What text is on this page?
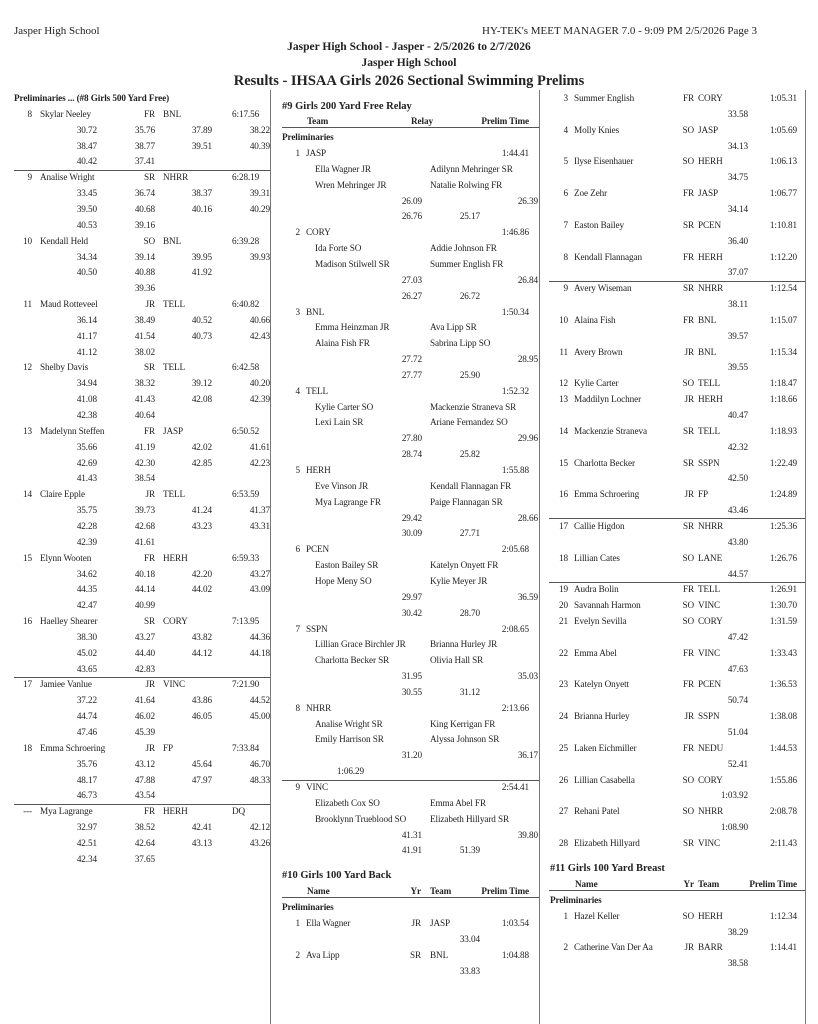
Jasper High School	HY-TEK's MEET MANAGER 7.0 - 9:09 PM 2/5/2026 Page 3
Jasper High School - Jasper - 2/5/2026 to 2/7/2026
Jasper High School
Results - IHSAA Girls 2026 Sectional Swimming Prelims
Preliminaries ... (#8 Girls 500 Yard Free)
8 Skylar Neeley	FR BNL	6:17.56
30.72	35.76	37.89	38.22
38.47	38.77	39.51	40.39
40.42	37.41
9 Analise Wright	SR NHRR	6:28.19
33.45	36.74	38.37	39.31
39.50	40.68	40.16	40.29
40.53	39.16
10 Kendall Held	SO BNL	6:39.28
34.34	39.14	39.95	39.93
40.50	40.88	41.92
39.36
11 Maud Rotteveel	JR TELL	6:40.82
36.14	38.49	40.52	40.66
41.17	41.54	40.73	42.43
41.12	38.02
12 Shelby Davis	SR TELL	6:42.58
34.94	38.32	39.12	40.20
41.08	41.43	42.08	42.39
42.38	40.64
13 Madelynn Steffen	FR JASP	6:50.52
35.66	41.19	42.02	41.61
42.69	42.30	42.85	42.23
41.43	38.54
14 Claire Epple	JR TELL	6:53.59
35.75	39.73	41.24	41.37
42.28	42.68	43.23	43.31
42.39	41.61
15 Elynn Wooten	FR HERH	6:59.33
34.62	40.18	42.20	43.27
44.35	44.14	44.02	43.09
42.47	40.99
16 Haelley Shearer	SR CORY	7:13.95
38.30	43.27	43.82	44.36
45.02	44.40	44.12	44.18
43.65	42.83
17 Jamiee Vanlue	JR VINC	7:21.90
37.22	41.64	43.86	44.52
44.74	46.02	46.05	45.00
47.46	45.39
18 Emma Schroering	JR FP	7:33.84
35.76	43.12	45.64	46.70
48.17	47.88	47.97	48.33
46.73	43.54
--- Mya Lagrange	FR HERH	DQ
32.97	38.52	42.41	42.12
42.51	42.64	43.13	43.26
42.34	37.65
#9 Girls 200 Yard Free Relay
Team	Relay	Prelim Time
Preliminaries
1 JASP	1:44.41
Ella Wagner JR	Adilynn Mehringer SR
Wren Mehringer JR	Natalie Rolwing FR
26.09	26.39
26.76	25.17
2 CORY	1:46.86
Ida Forte SO	Addie Johnson FR
Madison Stilwell SR	Summer English FR
27.03	26.84
26.27	26.72
3 BNL	1:50.34
Emma Heinzman JR	Ava Lipp SR
Alaina Fish FR	Sabrina Lipp SO
27.72	28.95
27.77	25.90
4 TELL	1:52.32
Kylie Carter SO	Mackenzie Straneva SR
Lexi Lain SR	Ariane Fernandez SO
27.80	29.96
28.74	25.82
5 HERH	1:55.88
Eve Vinson JR	Kendall Flannagan FR
Mya Lagrange FR	Paige Flannagan SR
29.42	28.66
30.09	27.71
6 PCEN	2:05.68
Easton Bailey SR	Katelyn Onyett FR
Hope Meny SO	Kylie Meyer JR
29.97	36.59
30.42	28.70
7 SSPN	2:08.65
Lillian Grace Birchler JR	Brianna Hurley JR
Charlotta Becker SR	Olivia Hall SR
31.95	35.03
30.55	31.12
8 NHRR	2:13.66
Analise Wright SR	King Kerrigan FR
Emily Harrison SR	Alyssa Johnson SR
31.20	36.17
1:06.29
9 VINC	2:54.41
Elizabeth Cox SO	Emma Abel FR
Brooklynn Trueblood SO	Elizabeth Hillyard SR
41.31	39.80
41.91	51.39
#10 Girls 100 Yard Back
Name	Yr Team	Prelim Time
Preliminaries
1 Ella Wagner	JR JASP	1:03.54
33.04
2 Ava Lipp	SR BNL	1:04.88
33.83
3 Summer English	FR CORY	1:05.31
33.58
4 Molly Knies	SO JASP	1:05.69
34.13
5 Ilyse Eisenhauer	SO HERH	1:06.13
34.75
6 Zoe Zehr	FR JASP	1:06.77
34.14
7 Easton Bailey	SR PCEN	1:10.81
36.40
8 Kendall Flannagan	FR HERH	1:12.20
37.07
9 Avery Wiseman	SR NHRR	1:12.54
38.11
10 Alaina Fish	FR BNL	1:15.07
39.57
11 Avery Brown	JR BNL	1:15.34
39.55
12 Kylie Carter	SO TELL	1:18.47
13 Maddilyn Lochner	JR HERH	1:18.66
40.47
14 Mackenzie Straneva	SR TELL	1:18.93
42.32
15 Charlotta Becker	SR SSPN	1:22.49
42.50
16 Emma Schroering	JR FP	1:24.89
43.46
17 Callie Higdon	SR NHRR	1:25.36
43.80
18 Lillian Cates	SO LANE	1:26.76
44.57
19 Audra Bolin	FR TELL	1:26.91
20 Savannah Harmon	SO VINC	1:30.70
21 Evelyn Sevilla	SO CORY	1:31.59
47.42
22 Emma Abel	FR VINC	1:33.43
47.63
23 Katelyn Onyett	FR PCEN	1:36.53
50.74
24 Brianna Hurley	JR SSPN	1:38.08
51.04
25 Laken Eichmiller	FR NEDU	1:44.53
52.41
26 Lillian Casabella	SO CORY	1:55.86
1:03.92
27 Rehani Patel	SO NHRR	2:08.78
1:08.90
28 Elizabeth Hillyard	SR VINC	2:11.43
#11 Girls 100 Yard Breast
Name	Yr Team	Prelim Time
Preliminaries
1 Hazel Keller	SO HERH	1:12.34
38.29
2 Catherine Van Der Aa	JR BARR	1:14.41
38.58
